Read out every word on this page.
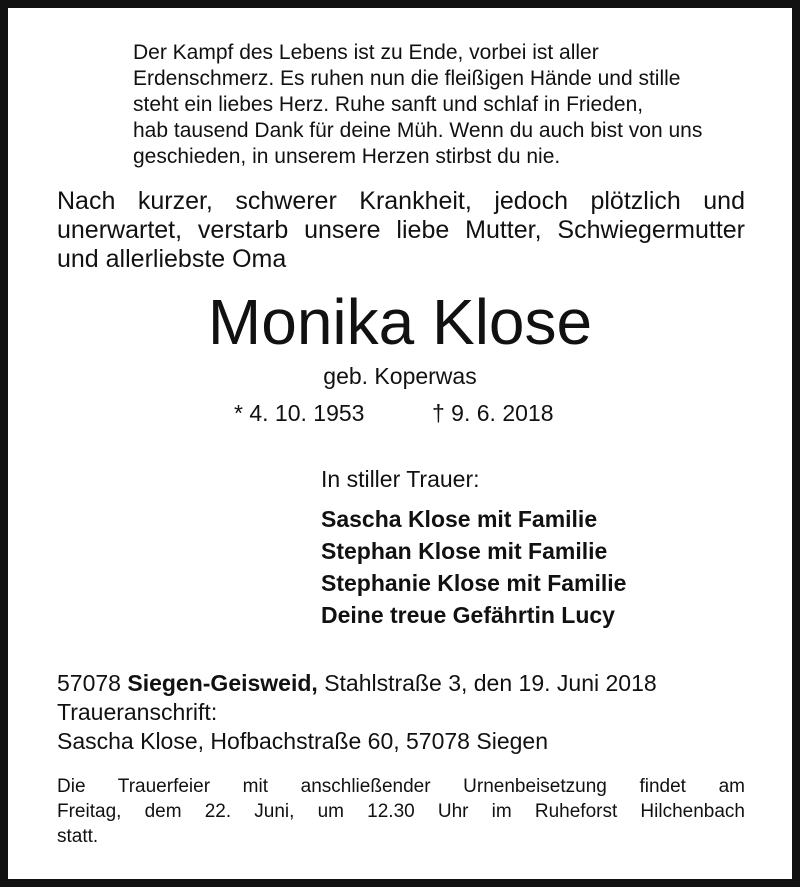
Der Kampf des Lebens ist zu Ende, vorbei ist aller
Erdenschmerz. Es ruhen nun die fleißigen Hände und stille
steht ein liebes Herz. Ruhe sanft und schlaf in Frieden,
hab tausend Dank für deine Müh. Wenn du auch bist von uns
geschieden, in unserem Herzen stirbst du nie.
Nach kurzer, schwerer Krankheit, jedoch plötzlich und
unerwartet, verstarb unsere liebe Mutter, Schwiegermutter
und allerliebste Oma
Monika Klose
geb. Koperwas
* 4. 10. 1953	† 9. 6. 2018
In stiller Trauer:
Sascha Klose mit Familie
Stephan Klose mit Familie
Stephanie Klose mit Familie
Deine treue Gefährtin Lucy
57078 Siegen-Geisweid, Stahlstraße 3, den 19. Juni 2018
Traueranschrift:
Sascha Klose, Hofbachstraße 60, 57078 Siegen
Die Trauerfeier mit anschließender Urnenbeisetzung findet am
Freitag, dem 22. Juni, um 12.30 Uhr im Ruheforst Hilchenbach
statt.
